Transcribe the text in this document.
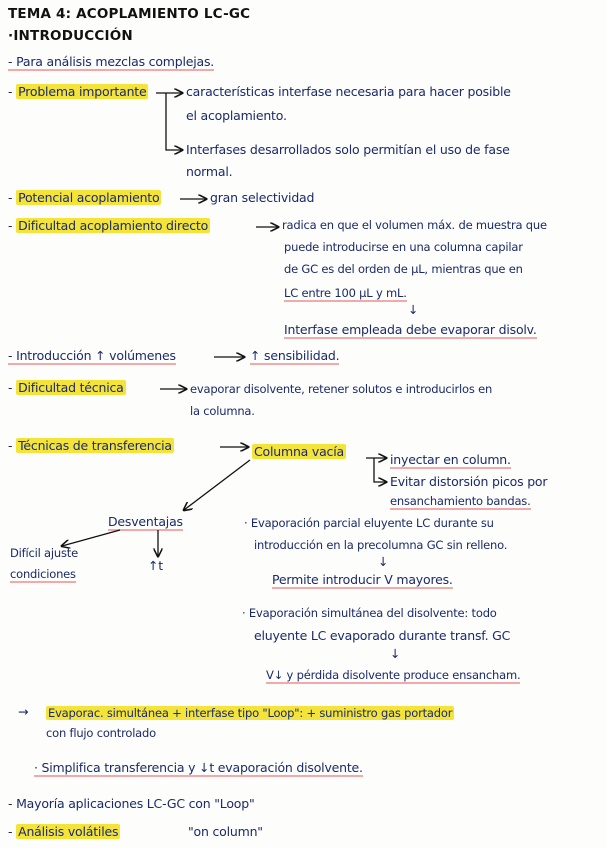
TEMA 4: ACOPLAMIENTO LC-GC
·INTRODUCCIÓN
- Para análisis mezclas complejas.
- Problema importante	características interfase necesaria para hacer posible
el acoplamiento.
Interfases desarrollados solo permitían el uso de fase
normal.
- Potencial acoplamiento	gran selectividad
- Dificultad acoplamiento directo	radica en que el volumen máx. de muestra que
puede introducirse en una columna capilar
de GC es del orden de µL, mientras que en
LC entre 100 µL y mL.
↓
Interfase empleada debe evaporar disolv.
- Introducción ↑ volúmenes	↑ sensibilidad.
- Dificultad técnica	evaporar disolvente, retener solutos e introducirlos en
la columna.
- Técnicas de transferencia	Columna vacía
inyectar en column.
Evitar distorsión picos por
ensanchamiento bandas.
Desventajas
Difícil ajuste
condiciones
↑t
· Evaporación parcial eluyente LC durante su
introducción en la precolumna GC sin relleno.
↓
Permite introducir V mayores.
· Evaporación simultánea del disolvente: todo
eluyente LC evaporado durante transf. GC
↓
V↓ y pérdida disolvente produce ensancham.
→ Evaporac. simultánea + interfase tipo "Loop": + suministro gas portador
con flujo controlado
· Simplifica transferencia y ↓t evaporación disolvente.
- Mayoría aplicaciones LC-GC con "Loop"
- Análisis volátiles	"on column"
